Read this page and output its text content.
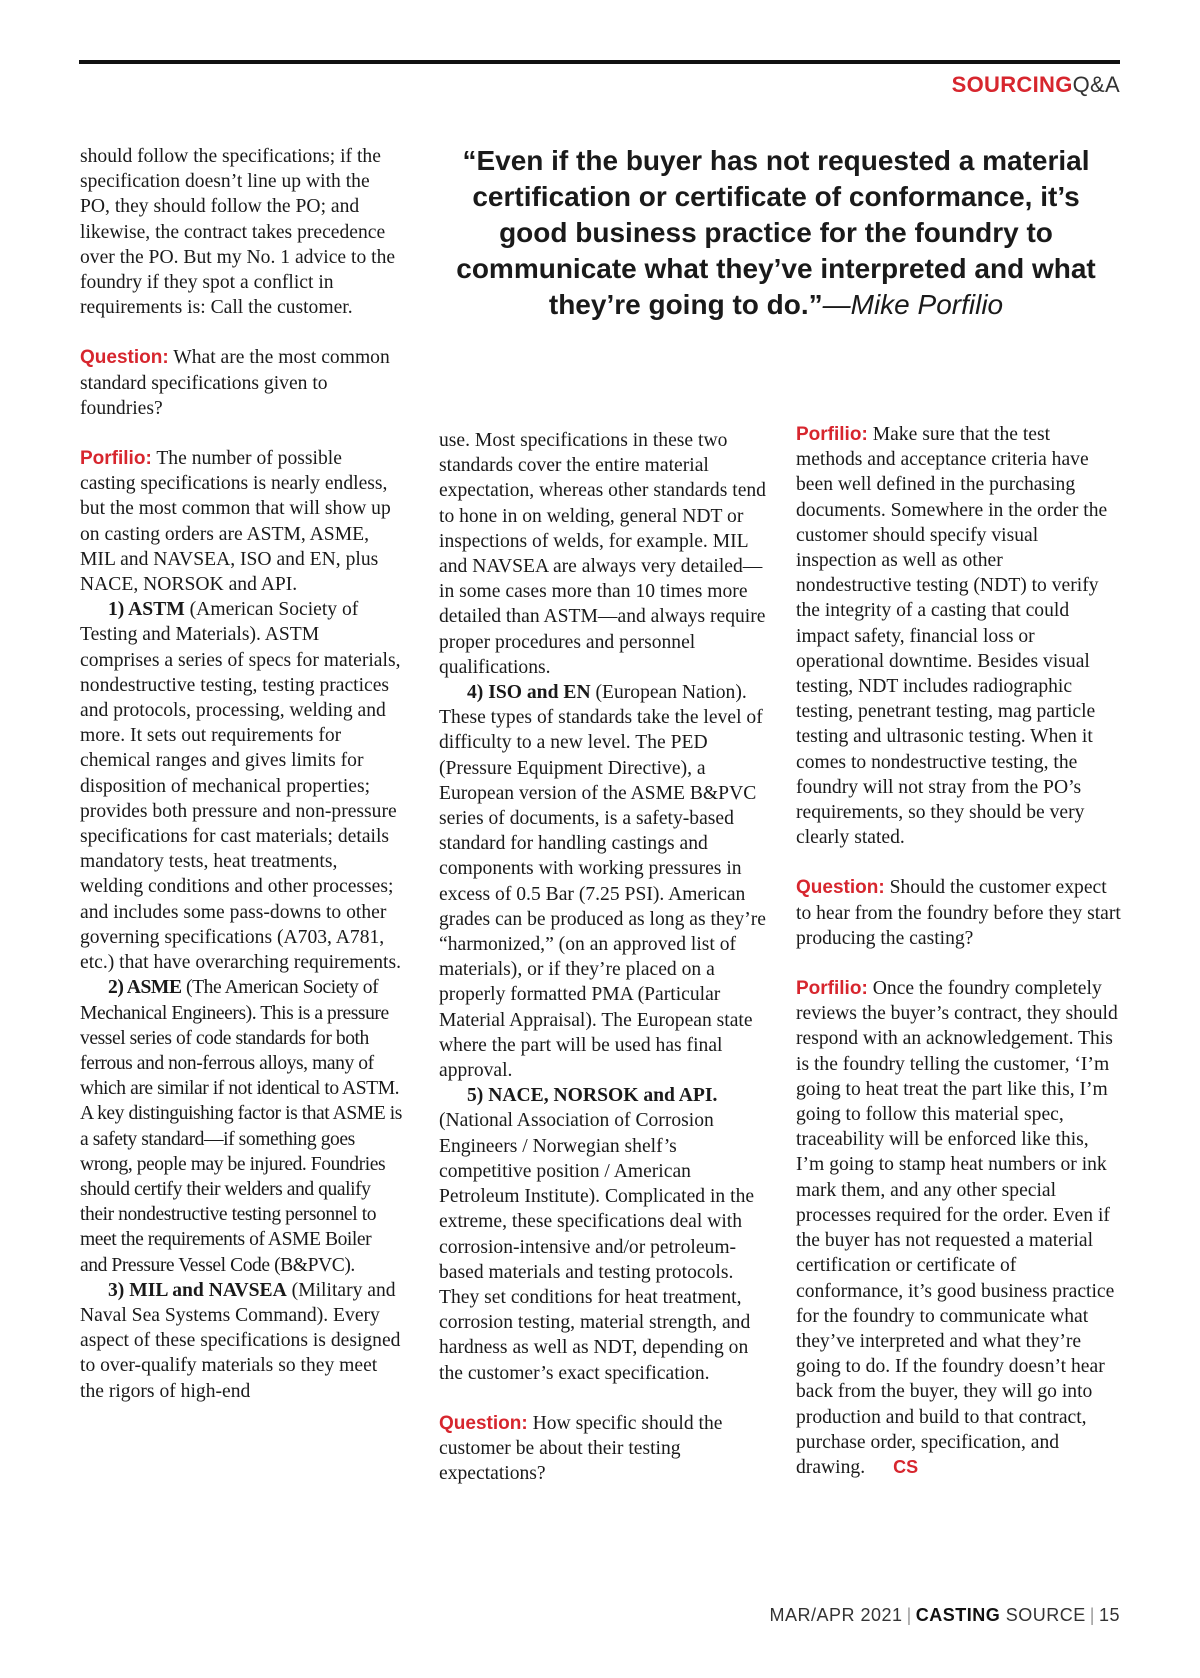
SOURCINGQ&A
“Even if the buyer has not requested a material certification or certificate of conformance, it’s good business practice for the foundry to communicate what they’ve interpreted and what they’re going to do.”—Mike Porfilio

should follow the specifications; if the specification doesn’t line up with the PO, they should follow the PO; and likewise, the contract takes precedence over the PO. But my No. 1 advice to the foundry if they spot a conflict in requirements is: Call the customer.

Question: What are the most common standard specifications given to foundries?

Porfilio: The number of possible casting specifications is nearly endless, but the most common that will show up on casting orders are ASTM, ASME, MIL and NAVSEA, ISO and EN, plus NACE, NORSOK and API.

1) ASTM (American Society of Testing and Materials). ASTM comprises a series of specs for materials, nondestructive testing, testing practices and protocols, processing, welding and more. It sets out requirements for chemical ranges and gives limits for disposition of mechanical properties; provides both pressure and non-pressure specifications for cast materials; details mandatory tests, heat treatments, welding conditions and other processes; and includes some pass-downs to other governing specifications (A703, A781, etc.) that have overarching requirements.

2) ASME (The American Society of Mechanical Engineers). This is a pressure vessel series of code standards for both ferrous and non-ferrous alloys, many of which are similar if not identical to ASTM. A key distinguishing factor is that ASME is a safety standard—if something goes wrong, people may be injured. Foundries should certify their welders and qualify their nondestructive testing personnel to meet the requirements of ASME Boiler and Pressure Vessel Code (B&PVC).

3) MIL and NAVSEA (Military and Naval Sea Systems Command). Every aspect of these specifications is designed to over-qualify materials so they meet the rigors of high-end

use. Most specifications in these two standards cover the entire material expectation, whereas other standards tend to hone in on welding, general NDT or inspections of welds, for example. MIL and NAVSEA are always very detailed—in some cases more than 10 times more detailed than ASTM—and always require proper procedures and personnel qualifications.

4) ISO and EN (European Nation). These types of standards take the level of difficulty to a new level. The PED (Pressure Equipment Directive), a European version of the ASME B&PVC series of documents, is a safety-based standard for handling castings and components with working pressures in excess of 0.5 Bar (7.25 PSI). American grades can be produced as long as they’re “harmonized,” (on an approved list of materials), or if they’re placed on a properly formatted PMA (Particular Material Appraisal). The European state where the part will be used has final approval.

5) NACE, NORSOK and API. (National Association of Corrosion Engineers / Norwegian shelf’s competitive position / American Petroleum Institute). Complicated in the extreme, these specifications deal with corrosion-intensive and/or petroleum-based materials and testing protocols. They set conditions for heat treatment, corrosion testing, material strength, and hardness as well as NDT, depending on the customer’s exact specification.

Question: How specific should the customer be about their testing expectations?

Porfilio: Make sure that the test methods and acceptance criteria have been well defined in the purchasing documents. Somewhere in the order the customer should specify visual inspection as well as other nondestructive testing (NDT) to verify the integrity of a casting that could impact safety, financial loss or operational downtime. Besides visual testing, NDT includes radiographic testing, penetrant testing, mag particle testing and ultrasonic testing. When it comes to nondestructive testing, the foundry will not stray from the PO’s requirements, so they should be very clearly stated.

Question: Should the customer expect to hear from the foundry before they start producing the casting?

Porfilio: Once the foundry completely reviews the buyer’s contract, they should respond with an acknowledgement. This is the foundry telling the customer, ‘I’m going to heat treat the part like this, I’m going to follow this material spec, traceability will be enforced like this, I’m going to stamp heat numbers or ink mark them, and any other special processes required for the order. Even if the buyer has not requested a material certification or certificate of conformance, it’s good business practice for the foundry to communicate what they’ve interpreted and what they’re going to do. If the foundry doesn’t hear back from the buyer, they will go into production and build to that contract, purchase order, specification, and drawing. CS

MAR/APR 2021 | CASTING SOURCE | 15
